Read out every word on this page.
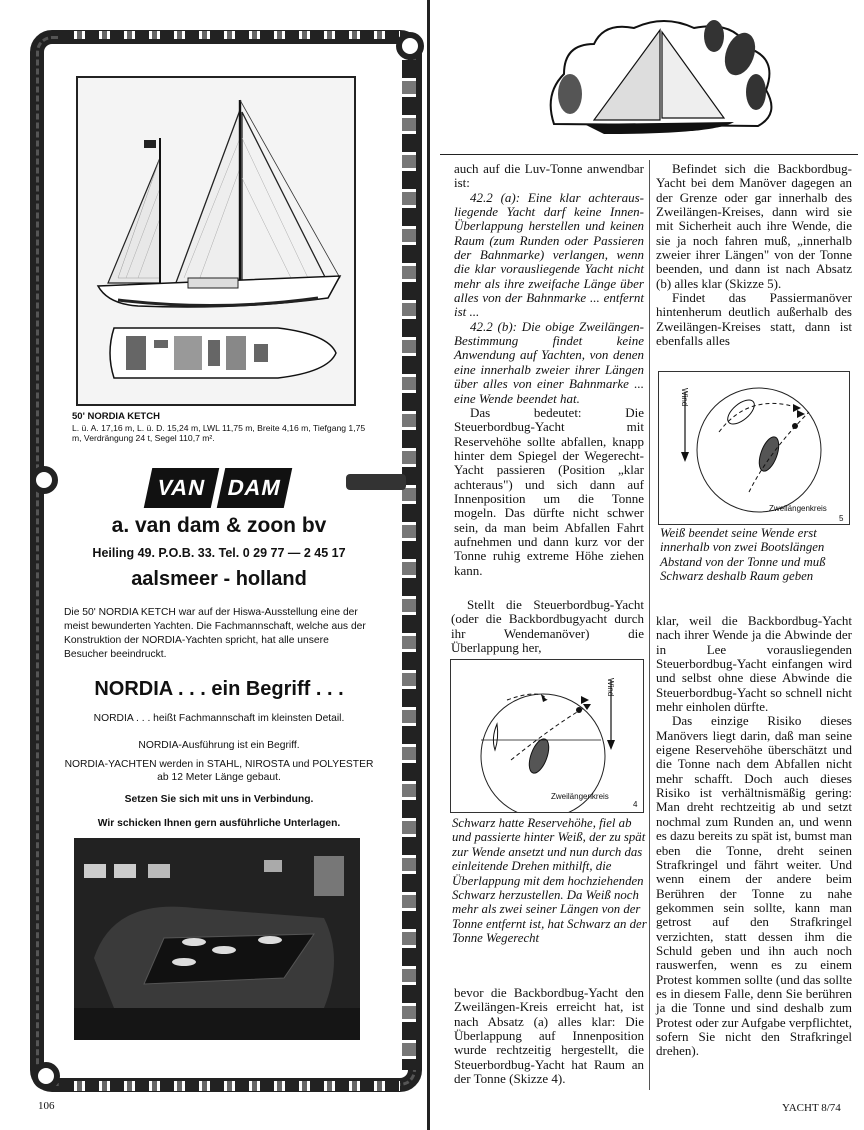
50' NORDIA KETCH
L. ü. A. 17,16 m, L. ü. D. 15,24 m, LWL 11,75 m, Breite 4,16 m, Tiefgang 1,75 m, Verdrängung 24 t, Segel 110,7 m².
VAN DAM
a. van dam & zoon bv
Heiling 49. P.O.B. 33. Tel. 0 29 77 — 2 45 17
aalsmeer - holland
Die 50' NORDIA KETCH war auf der Hiswa-Ausstellung eine der meist bewunderten Yachten. Die Fachmannschaft, welche aus der Konstruktion der NORDIA-Yachten spricht, hat alle unsere Besucher beeindruckt.
NORDIA . . . ein Begriff . . .
NORDIA . . . heißt Fachmannschaft im kleinsten Detail.
NORDIA-Ausführung ist ein Begriff.
NORDIA-YACHTEN werden in STAHL, NIROSTA und POLYESTER ab 12 Meter Länge gebaut.
Setzen Sie sich mit uns in Verbindung.
Wir schicken Ihnen gern ausführliche Unterlagen.
106

auch auf die Luv-Tonne anwendbar ist:

42.2 (a): Eine klar achteraus-liegende Yacht darf keine Innen-Überlappung herstellen und keinen Raum (zum Runden oder Passieren der Bahnmarke) verlangen, wenn die klar vorausliegende Yacht nicht mehr als ihre zweifache Länge über alles von der Bahnmarke ... entfernt ist ...

42.2 (b): Die obige Zweilängen-Bestimmung findet keine Anwendung auf Yachten, von denen eine innerhalb zweier ihrer Längen über alles von einer Bahnmarke ... eine Wende beendet hat.

Das bedeutet: Die Steuerbordbug-Yacht mit Reservehöhe sollte abfallen, knapp hinter dem Spiegel der Wegerecht-Yacht passieren (Position „klar achteraus") und sich dann auf Innenposition um die Tonne mogeln. Das dürfte nicht schwer sein, da man beim Abfallen Fahrt aufnehmen und dann kurz vor der Tonne ruhig extreme Höhe ziehen kann.

Stellt die Steuerbordbug-Yacht (oder die Backbordbugyacht durch ihr Wendemanöver) die Überlappung her,

Wind
Zweilängenkreis
4
Schwarz hatte Reservehöhe, fiel ab und passierte hinter Weiß, der zu spät zur Wende ansetzt und nun durch das einleitende Drehen mithilft, die Überlappung mit dem hochziehenden Schwarz herzustellen. Da Weiß noch mehr als zwei seiner Längen von der Tonne entfernt ist, hat Schwarz an der Tonne Wegerecht

bevor die Backbordbug-Yacht den Zweilängen-Kreis erreicht hat, ist nach Absatz (a) alles klar: Die Überlappung auf Innenposition wurde rechtzeitig hergestellt, die Steuerbordbug-Yacht hat Raum an der Tonne (Skizze 4).

Befindet sich die Backbordbug-Yacht bei dem Manöver dagegen an der Grenze oder gar innerhalb des Zweilängen-Kreises, dann wird sie mit Sicherheit auch ihre Wende, die sie ja noch fahren muß, „innerhalb zweier ihrer Längen" von der Tonne beenden, und dann ist nach Absatz (b) alles klar (Skizze 5).

Findet das Passiermanöver hintenherum deutlich außerhalb des Zweilängen-Kreises statt, dann ist ebenfalls alles

Wind
Zweilängenkreis
5
Weiß beendet seine Wende erst innerhalb von zwei Bootslängen Abstand von der Tonne und muß Schwarz deshalb Raum geben

klar, weil die Backbordbug-Yacht nach ihrer Wende ja die Abwinde der in Lee vorausliegenden Steuerbordbug-Yacht einfangen wird und selbst ohne diese Abwinde die Steuerbordbug-Yacht so schnell nicht mehr einholen dürfte.

Das einzige Risiko dieses Manövers liegt darin, daß man seine eigene Reservehöhe überschätzt und die Tonne nach dem Abfallen nicht mehr schafft. Doch auch dieses Risiko ist verhältnismäßig gering: Man dreht rechtzeitig ab und setzt nochmal zum Runden an, und wenn es dazu bereits zu spät ist, bumst man eben die Tonne, dreht seinen Strafkringel und fährt weiter. Und wenn einem der andere beim Berühren der Tonne zu nahe gekommen sein sollte, kann man getrost auf den Strafkringel verzichten, statt dessen ihm die Schuld geben und ihn auch noch rauswerfen, wenn es zu einem Protest kommen sollte (und das sollte es in diesem Falle, denn Sie berühren ja die Tonne und sind deshalb zum Protest oder zur Aufgabe verpflichtet, sofern Sie nicht den Strafkringel drehen).

YACHT 8/74
